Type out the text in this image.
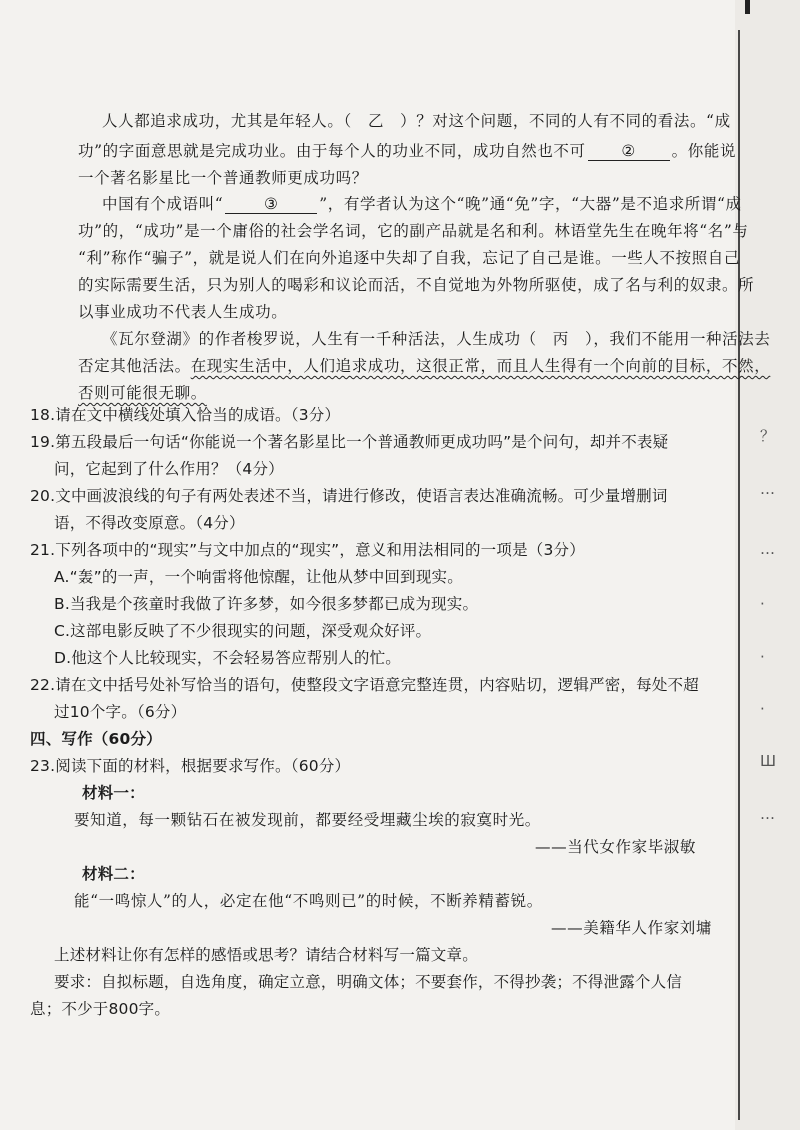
？
…
…
·
·
·
Ш
…
人人都追求成功，尤其是年轻人。（　乙　）？对这个问题，不同的人有不同的看法。“成
功”的字面意思就是完成功业。由于每个人的功业不同，成功自然也不可 ② 。你能说
一个著名影星比一个普通教师更成功吗？
中国有个成语叫“	③	”，有学者认为这个“晚”通“免”字，“大器”是不追求所谓“成
功”的，“成功”是一个庸俗的社会学名词，它的副产品就是名和利。林语堂先生在晚年将“名”与
“利”称作“骗子”，就是说人们在向外追逐中失却了自我，忘记了自己是谁。一些人不按照自己
的实际需要生活，只为别人的喝彩和议论而活，不自觉地为外物所驱使，成了名与利的奴隶。所
以事业成功不代表人生成功。
《瓦尔登湖》的作者梭罗说，人生有一千种活法，人生成功（　丙　），我们不能用一种活法去
否定其他活法。在现实生活中，人们追求成功，这很正常，而且人生得有一个向前的目标，不然，
否则可能很无聊。
18.请在文中横线处填入恰当的成语。（3分）
19.第五段最后一句话“你能说一个著名影星比一个普通教师更成功吗”是个问句，却并不表疑
问，它起到了什么作用？（4分）
20.文中画波浪线的句子有两处表述不当，请进行修改，使语言表达准确流畅。可少量增删词
语，不得改变原意。（4分）
21.下列各项中的“现实”与文中加点的“现实”，意义和用法相同的一项是（3分）
A.“轰”的一声，一个响雷将他惊醒，让他从梦中回到现实。
B.当我是个孩童时我做了许多梦，如今很多梦都已成为现实。
C.这部电影反映了不少很现实的问题，深受观众好评。
D.他这个人比较现实，不会轻易答应帮别人的忙。
22.请在文中括号处补写恰当的语句，使整段文字语意完整连贯，内容贴切，逻辑严密，每处不超
过10个字。（6分）
四、写作（60分）
23.阅读下面的材料，根据要求写作。（60分）
材料一：
要知道，每一颗钻石在被发现前，都要经受埋藏尘埃的寂寞时光。
——当代女作家毕淑敏
材料二：
能“一鸣惊人”的人，必定在他“不鸣则已”的时候，不断养精蓄锐。
——美籍华人作家刘墉
上述材料让你有怎样的感悟或思考？请结合材料写一篇文章。
要求：自拟标题，自选角度，确定立意，明确文体；不要套作，不得抄袭；不得泄露个人信
息；不少于800字。
